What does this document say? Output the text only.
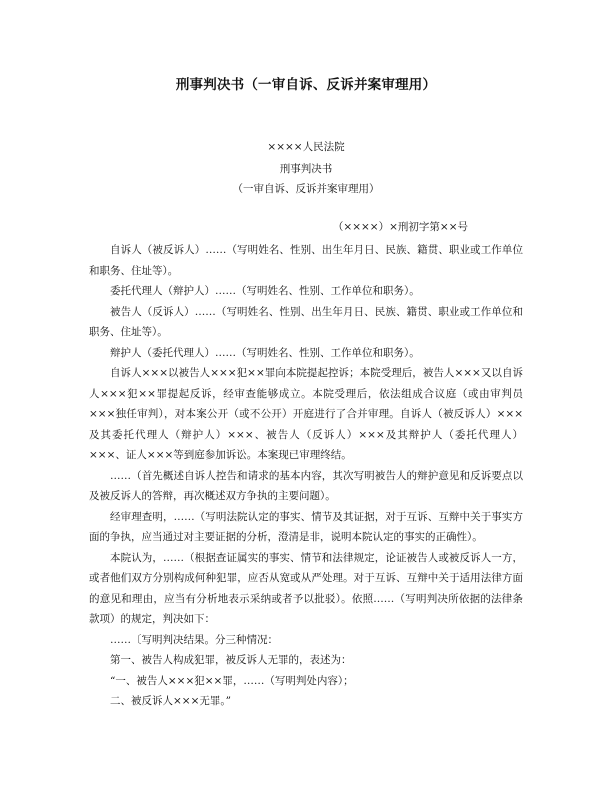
刑事判决书（一审自诉、反诉并案审理用）
××××人民法院
刑事判决书
（一审自诉、反诉并案审理用）
（××××）×刑初字第××号

自诉人（被反诉人）……（写明姓名、性别、出生年月日、民族、籍贯、职业或工作单位和职务、住址等）。

委托代理人（辩护人）……（写明姓名、性别、工作单位和职务）。

被告人（反诉人）……（写明姓名、性别、出生年月日、民族、籍贯、职业或工作单位和职务、住址等）。

辩护人（委托代理人）……（写明姓名、性别、工作单位和职务）。

自诉人×××以被告人×××犯××罪向本院提起控诉；本院受理后，被告人×××又以自诉人×××犯××罪提起反诉，经审查能够成立。本院受理后，依法组成合议庭（或由审判员×××独任审判），对本案公开（或不公开）开庭进行了合并审理。自诉人（被反诉人）×××及其委托代理人（辩护人）×××、被告人（反诉人）×××及其辩护人（委托代理人）×××、证人×××等到庭参加诉讼。本案现已审理终结。

……（首先概述自诉人控告和请求的基本内容，其次写明被告人的辩护意见和反诉要点以及被反诉人的答辩，再次概述双方争执的主要问题）。

经审理查明，……（写明法院认定的事实、情节及其证据，对于互诉、互辩中关于事实方面的争执，应当通过对主要证据的分析，澄清是非，说明本院认定的事实的正确性）。

本院认为，……（根据查证属实的事实、情节和法律规定，论证被告人或被反诉人一方，或者他们双方分别构成何种犯罪，应否从宽或从严处理。对于互诉、互辩中关于适用法律方面的意见和理由，应当有分析地表示采纳或者予以批驳）。依照……（写明判决所依据的法律条款项）的规定，判决如下：

……〔写明判决结果。分三种情况：

第一、被告人构成犯罪，被反诉人无罪的，表述为：

“一、被告人×××犯××罪，……（写明判处内容）；

二、被反诉人×××无罪。”
